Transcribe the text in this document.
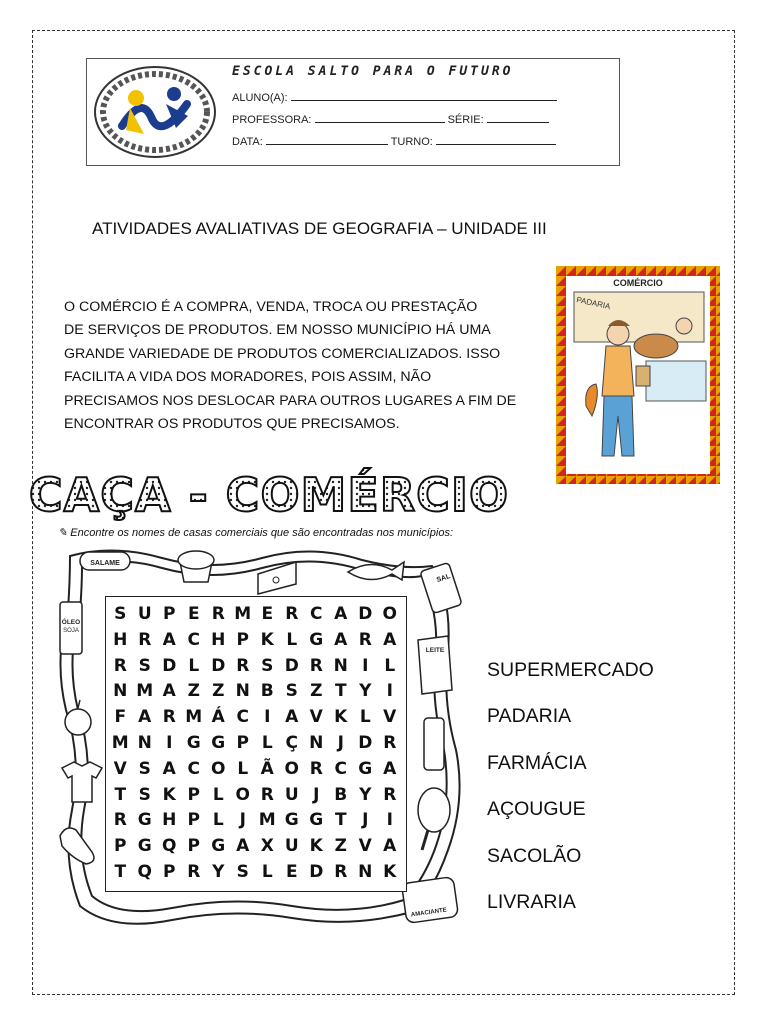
ESCOLA SALTO PARA O FUTURO
ALUNO(A):
PROFESSORA:	SÉRIE:
DATA:	TURNO:
ATIVIDADES AVALIATIVAS DE GEOGRAFIA – UNIDADE III

O COMÉRCIO É A COMPRA, VENDA, TROCA OU PRESTAÇÃO

DE SERVIÇOS DE PRODUTOS. EM NOSSO MUNICÍPIO HÁ UMA

GRANDE VARIEDADE DE PRODUTOS COMERCIALIZADOS. ISSO

FACILITA A VIDA DOS MORADORES, POIS ASSIM, NÃO

PRECISAMOS NOS DESLOCAR PARA OUTROS LUGARES A FIM DE

ENCONTRAR OS PRODUTOS QUE PRECISAMOS.

COMÉRCIO
PADARIA
CAÇA - COMÉRCIO
✎ Encontre os nomes de casas comerciais que são encontradas nos municípios:
SALAME
SAL
ÓLEO
SOJA
LEITE
AMACIANTE
S U P E R M E R C A D O
H R A C H P K L G A R A
R S D L D R S D R N I L
N M A Z Z N B S Z T Y I
F A R M Á C I A V K L V
M N I G G P L Ç N J D R
V S A C O L Ã O R C G A
T S K P L O R U J B Y R
R G H P L J M G G T J	I
P G Q P G A X U K Z V A
T Q P R Y S L E D R N K
SUPERMERCADO
PADARIA
FARMÁCIA
AÇOUGUE
SACOLÃO
LIVRARIA
